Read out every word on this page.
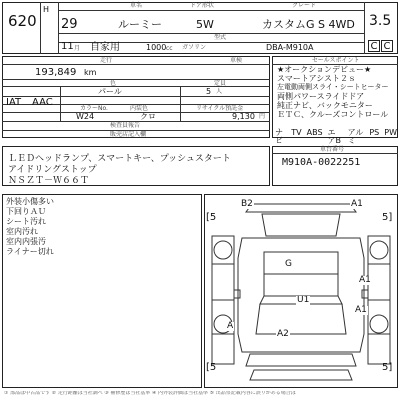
620
H
29
11 月
車名
ルーミー
ドア形状
5W
グレード
カスタムG S 4WD
自家用	1000 cc ガソリン
型式
DBA-M910A
3.5
C C
走行	車検
193,849 km
色	定員
IAT AAC
パール	5 人
カラーNo.	内装色	リサイクル預託金
W24	クロ	9,130 円
検査員報告
販売店記入欄
セールスポイント
★オークションデビュー★
スマートアシスト２ｓ
左電動両側スライ・シートヒーター
両側パワースライドドア
純正ナビ、バックモニター
ＥＴＣ、クルーズコントロール
ナビ
TV ABS エアB
アルミ
PS PW
ＬＥＤヘッドランプ、スマートキー、プッシュスタート
アイドリングストップ
ＮＳＺＴ－Ｗ６６Ｔ
車台番号
M910A-0022251
外装小傷多い
下回りＡＵ
シート汚れ
室内汚れ
室内内張汚
ライナー切れ
B2	A1
G
A1
U1
A1
A
A2
[5	5]
[5	5]
① 部品は中古品です ② 走行距離は当社調べ ③ 補修歴は当社基準 ④ 内外装評価は当社基準 ⑤ 出品票記載内容に誤りがある場合は
